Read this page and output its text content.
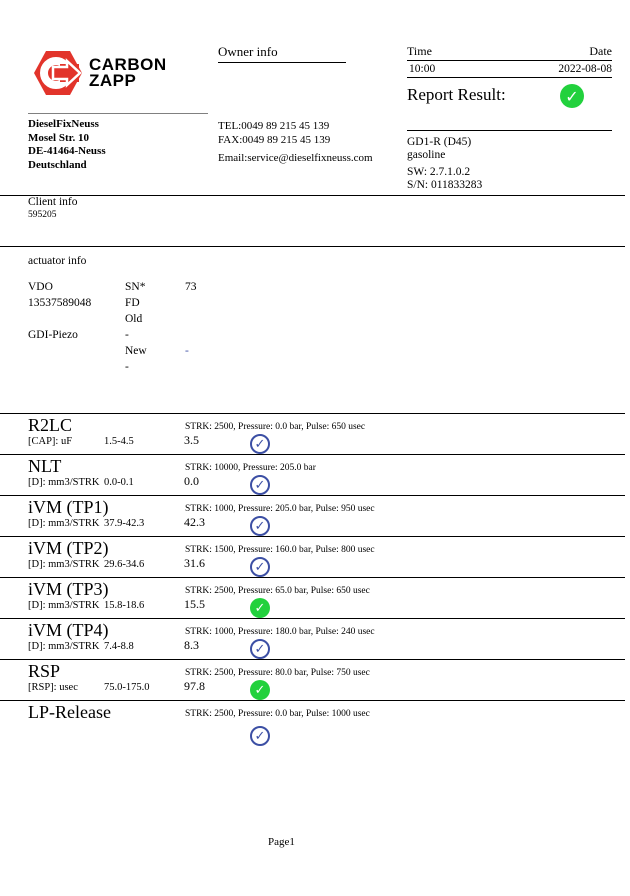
CARBON
ZAPP
Owner info	Time	Date
10:00	2022-08-08
Report Result:
✓
DieselFixNeuss
Mosel Str. 10
DE-41464-Neuss
Deutschland
TEL:0049 89 215 45 139
FAX:0049 89 215 45 139
Email:service@dieselfixneuss.com
GD1-R (D45)
gasoline
SW: 2.7.1.0.2
S/N: 011833283
Client info
595205
actuator info
VDO	SN*	73
13537589048	FD
Old
GDI-Piezo	-
New	-
-
R2LC	STRK: 2500, Pressure: 0.0 bar, Pulse: 650 usec
[CAP]: uF	1.5-4.5	3.5
✓
NLT	STRK: 10000, Pressure: 205.0 bar
[D]: mm3/STRK 0.0-0.1	0.0
✓
iVM (TP1)	STRK: 1000, Pressure: 205.0 bar, Pulse: 950 usec
[D]: mm3/STRK 37.9-42.3	42.3
✓
iVM (TP2)	STRK: 1500, Pressure: 160.0 bar, Pulse: 800 usec
[D]: mm3/STRK 29.6-34.6	31.6
✓
iVM (TP3)	STRK: 2500, Pressure: 65.0 bar, Pulse: 650 usec
[D]: mm3/STRK 15.8-18.6	15.5
✓
iVM (TP4)	STRK: 1000, Pressure: 180.0 bar, Pulse: 240 usec
[D]: mm3/STRK 7.4-8.8	8.3
✓
RSP	STRK: 2500, Pressure: 80.0 bar, Pulse: 750 usec
[RSP]: usec 75.0-175.0	97.8
✓
LP-Release	STRK: 2500, Pressure: 0.0 bar, Pulse: 1000 usec
✓
Page1
